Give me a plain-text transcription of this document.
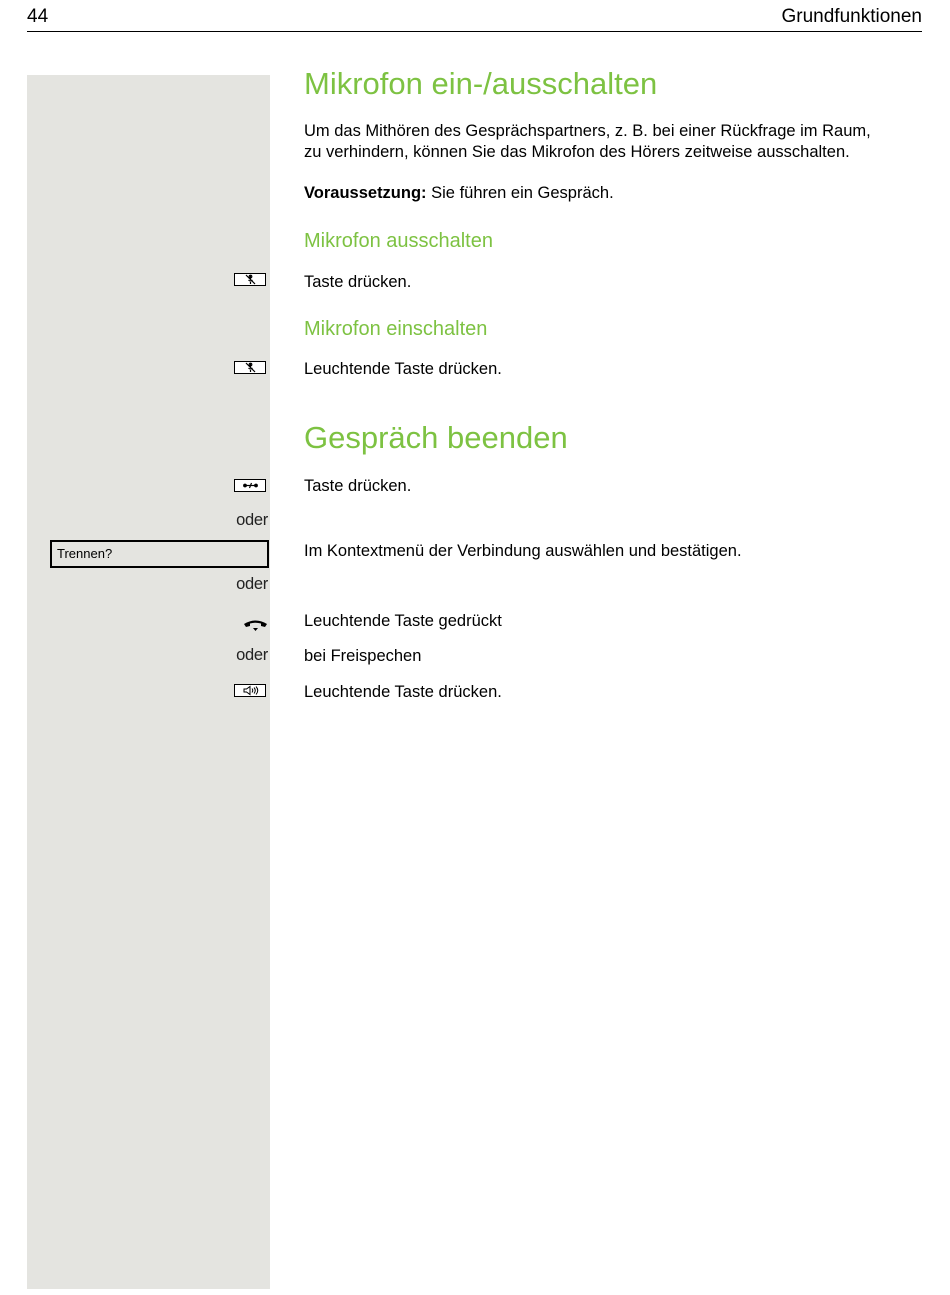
44	Grundfunktionen
Mikrofon ein-/ausschalten
Um das Mithören des Gesprächspartners, z. B. bei einer Rückfrage im Raum,
zu verhindern, können Sie das Mikrofon des Hörers zeitweise ausschalten.
Voraussetzung: Sie führen ein Gespräch.
Mikrofon ausschalten
Taste drücken.
Mikrofon einschalten
Leuchtende Taste drücken.
Gespräch beenden
Taste drücken.
oder
Trennen?	Im Kontextmenü der Verbindung auswählen und bestätigen.
oder
Leuchtende Taste gedrückt
oder bei Freispechen
Leuchtende Taste drücken.
